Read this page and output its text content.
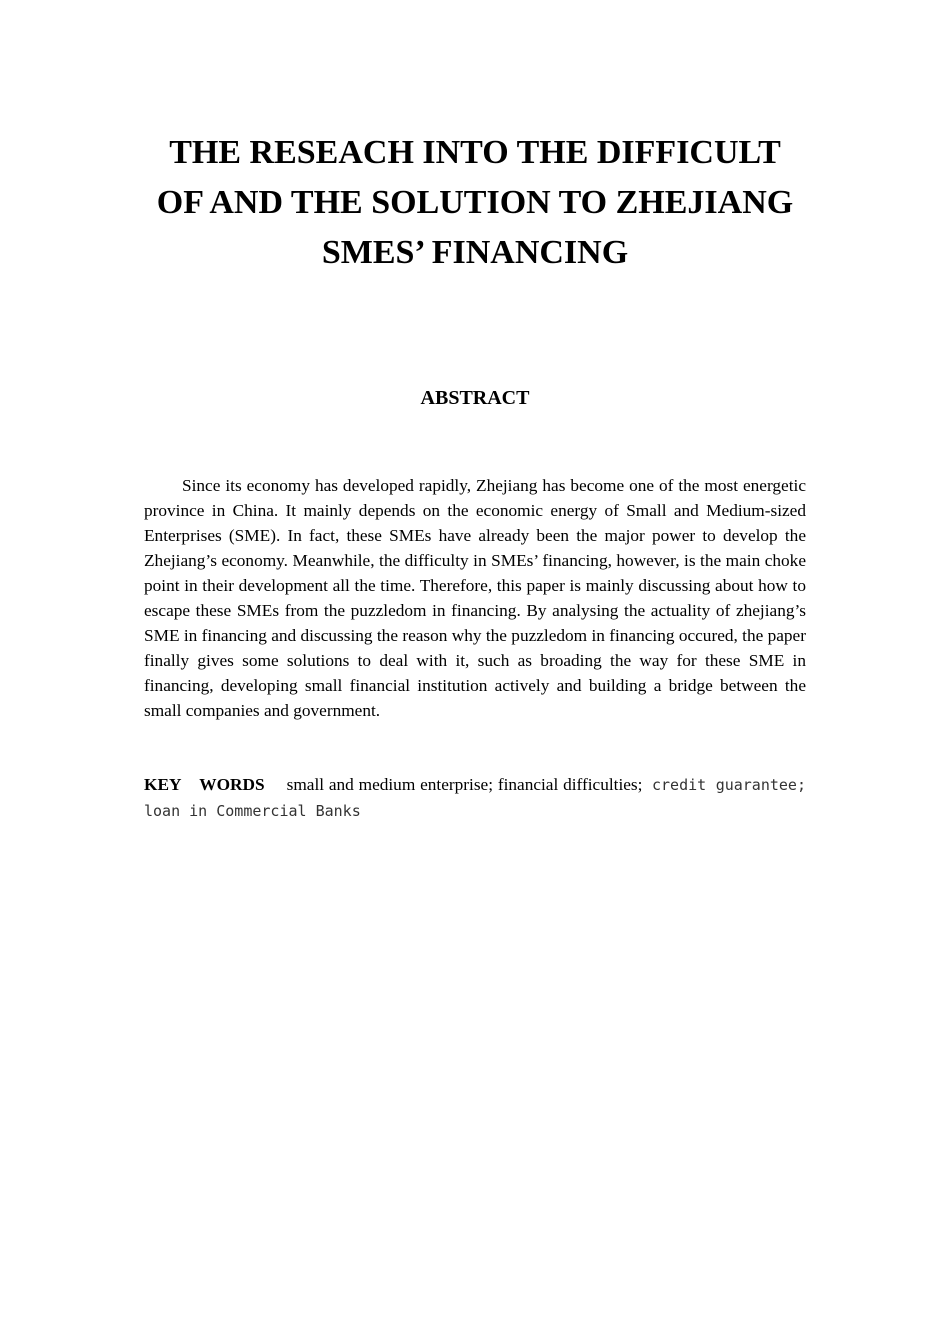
THE RESEACH INTO THE DIFFICULT
OF AND THE SOLUTION TO ZHEJIANG
SMES’ FINANCING
ABSTRACT

Since its economy has developed rapidly, Zhejiang has become one of the most energetic province in China. It mainly depends on the economic energy of Small and Medium-sized Enterprises (SME). In fact, these SMEs have already been the major power to develop the Zhejiang’s economy. Meanwhile, the difficulty in SMEs’ financing, however, is the main choke point in their development all the time. Therefore, this paper is mainly discussing about how to escape these SMEs from the puzzledom in financing. By analysing the actuality of zhejiang’s SME in financing and discussing the reason why the puzzledom in financing occured, the paper finally gives some solutions to deal with it, such as broading the way for these SME in financing, developing small financial institution actively and building a bridge between the small companies and government.

KEY WORDS small and medium enterprise; financial difficulties; credit guarantee; loan in Commercial Banks
